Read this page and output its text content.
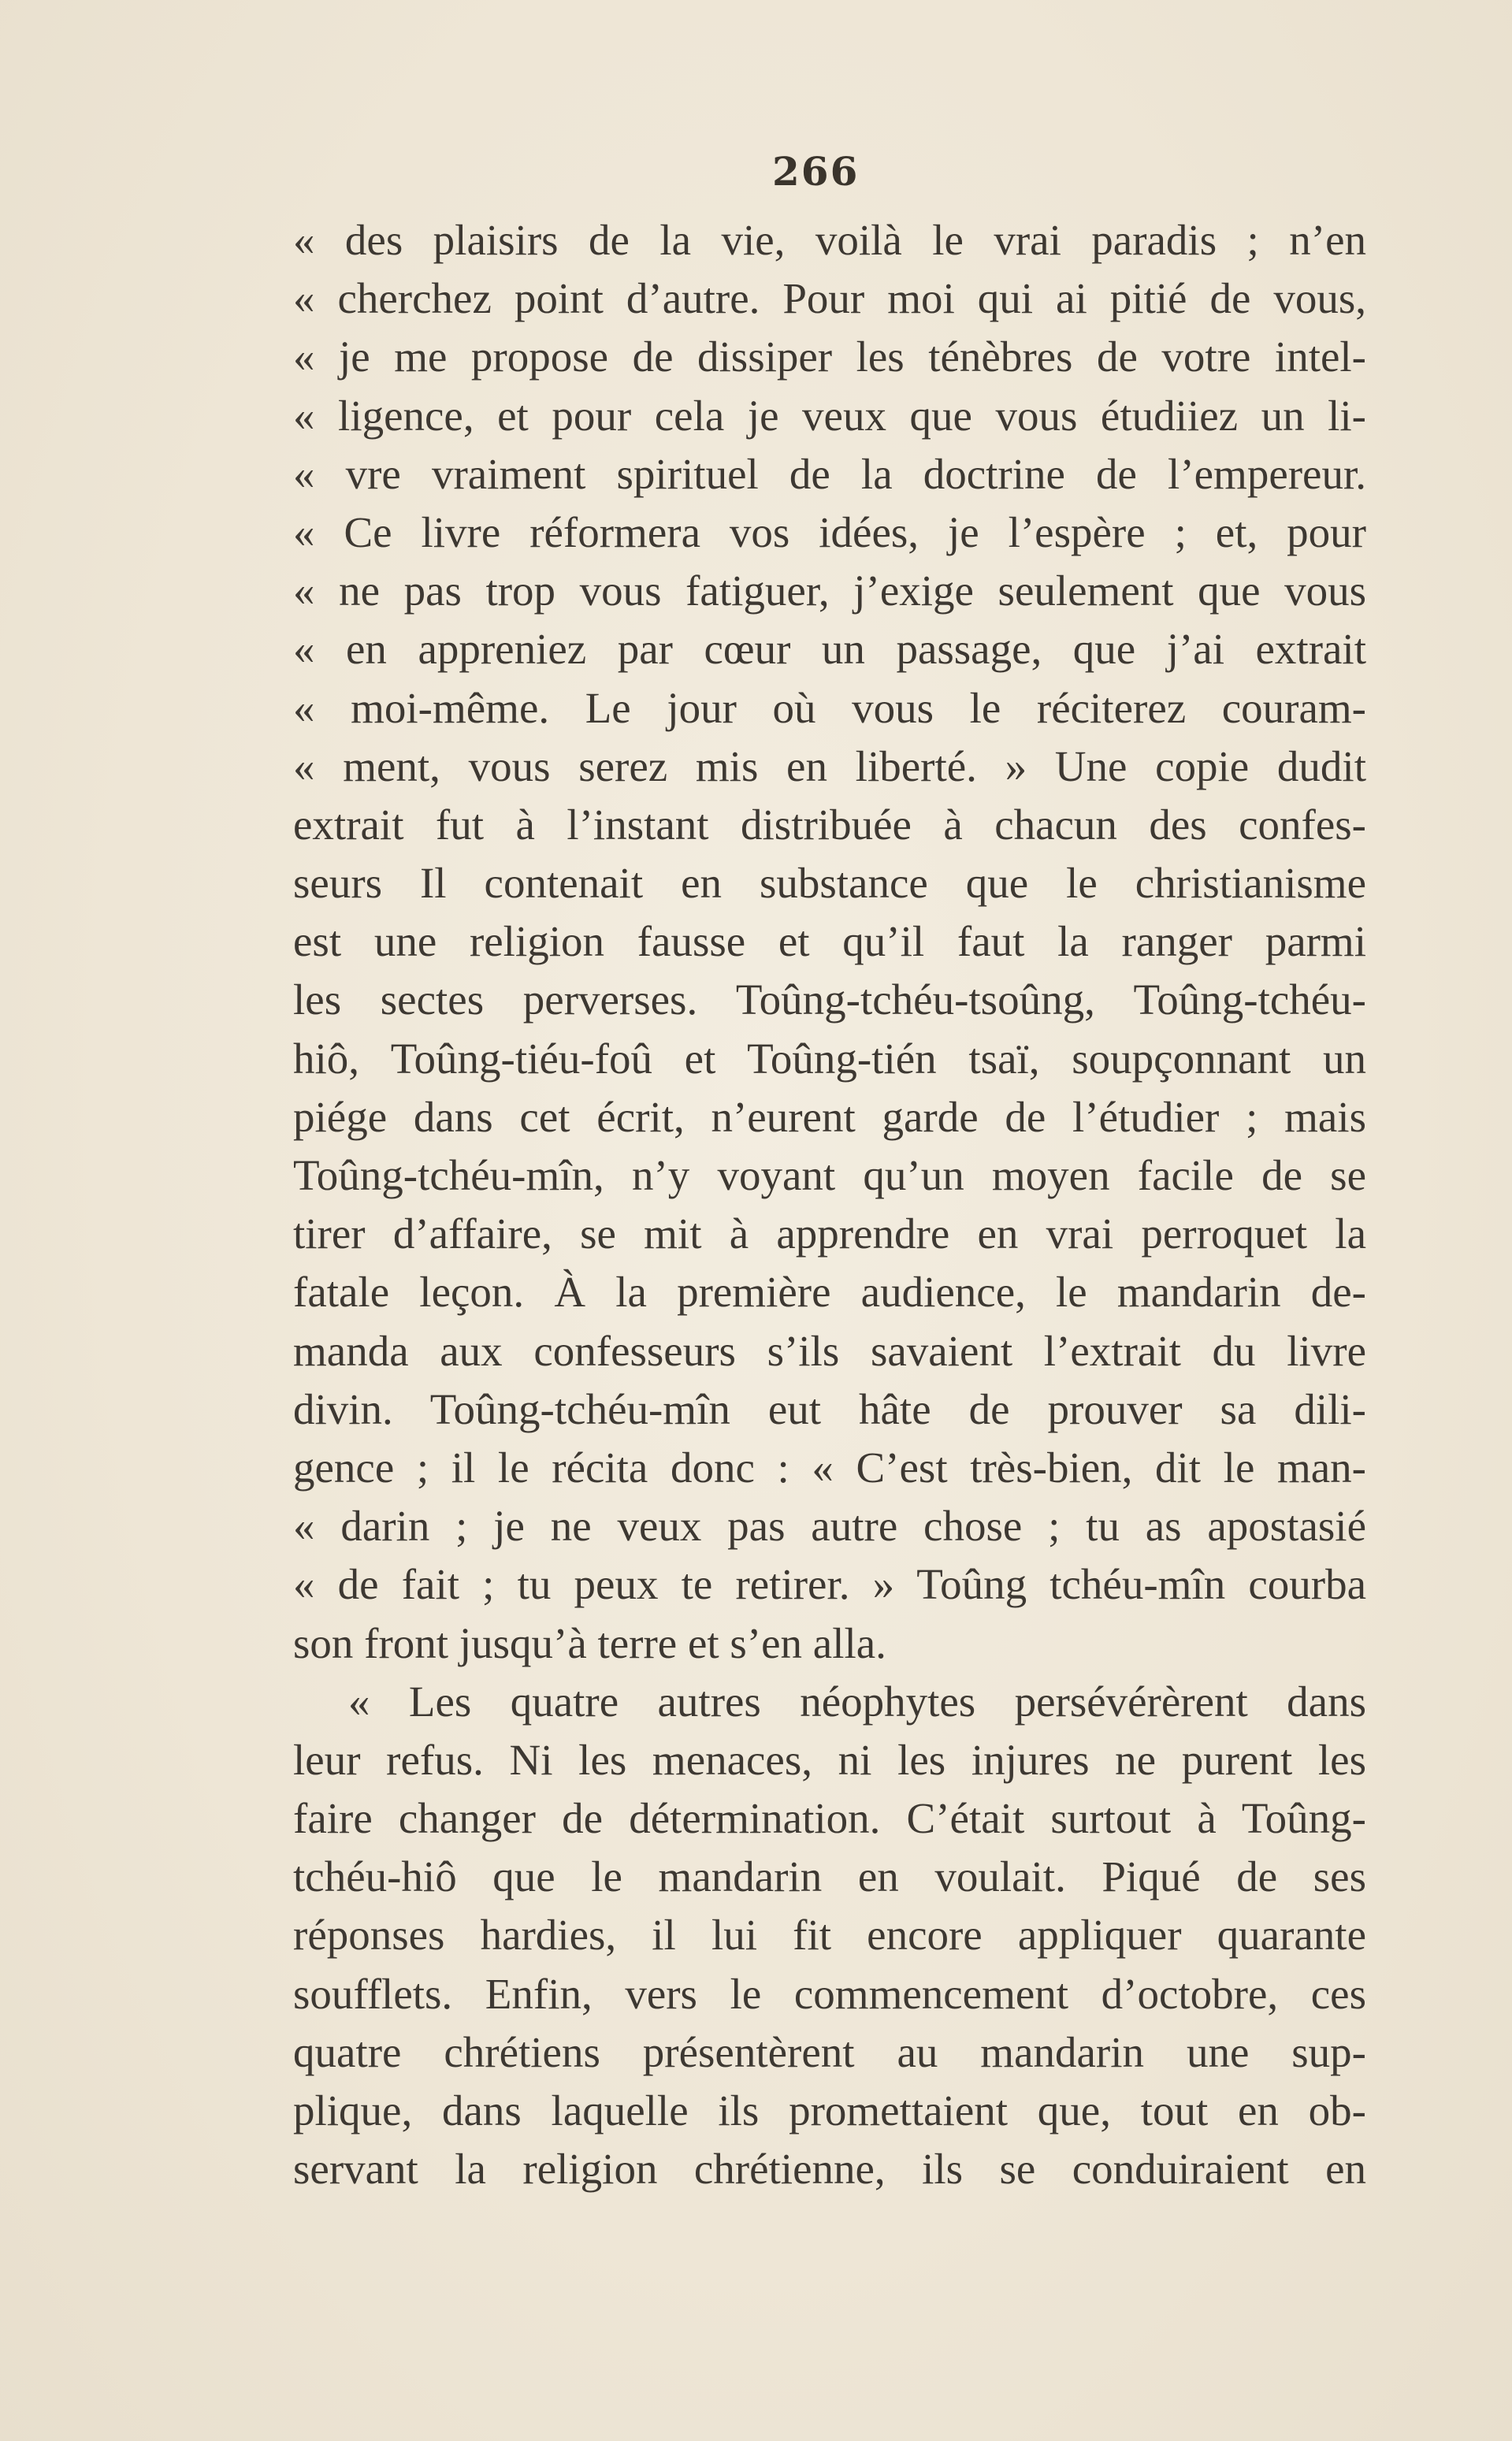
266
« des plaisirs de la vie, voilà le vrai paradis ; n’en
« cherchez point d’autre. Pour moi qui ai pitié de vous,
« je me propose de dissiper les ténèbres de votre intel-
« ligence, et pour cela je veux que vous étudiiez un li-
« vre vraiment spirituel de la doctrine de l’empereur.
« Ce livre réformera vos idées, je l’espère ; et, pour
« ne pas trop vous fatiguer, j’exige seulement que vous
« en appreniez par cœur un passage, que j’ai extrait
« moi-même. Le jour où vous le réciterez couram-
« ment, vous serez mis en liberté. » Une copie dudit
extrait fut à l’instant distribuée à chacun des confes-
seurs Il contenait en substance que le christianisme
est une religion fausse et qu’il faut la ranger parmi
les sectes perverses. Toûng-tchéu-tsoûng, Toûng-tchéu-
hiô, Toûng-tiéu-foû et Toûng-tién tsaï, soupçonnant un
piége dans cet écrit, n’eurent garde de l’étudier ; mais
Toûng-tchéu-mîn, n’y voyant qu’un moyen facile de se
tirer d’affaire, se mit à apprendre en vrai perroquet la
fatale leçon. À la première audience, le mandarin de-
manda aux confesseurs s’ils savaient l’extrait du livre
divin. Toûng-tchéu-mîn eut hâte de prouver sa dili-
gence ; il le récita donc : « C’est très-bien, dit le man-
« darin ; je ne veux pas autre chose ; tu as apostasié
« de fait ; tu peux te retirer. » Toûng tchéu-mîn courba
son front jusqu’à terre et s’en alla.
« Les quatre autres néophytes persévérèrent dans
leur refus. Ni les menaces, ni les injures ne purent les
faire changer de détermination. C’était surtout à Toûng-
tchéu-hiô que le mandarin en voulait. Piqué de ses
réponses hardies, il lui fit encore appliquer quarante
soufflets. Enfin, vers le commencement d’octobre, ces
quatre chrétiens présentèrent au mandarin une sup-
plique, dans laquelle ils promettaient que, tout en ob-
servant la religion chrétienne, ils se conduiraient en
